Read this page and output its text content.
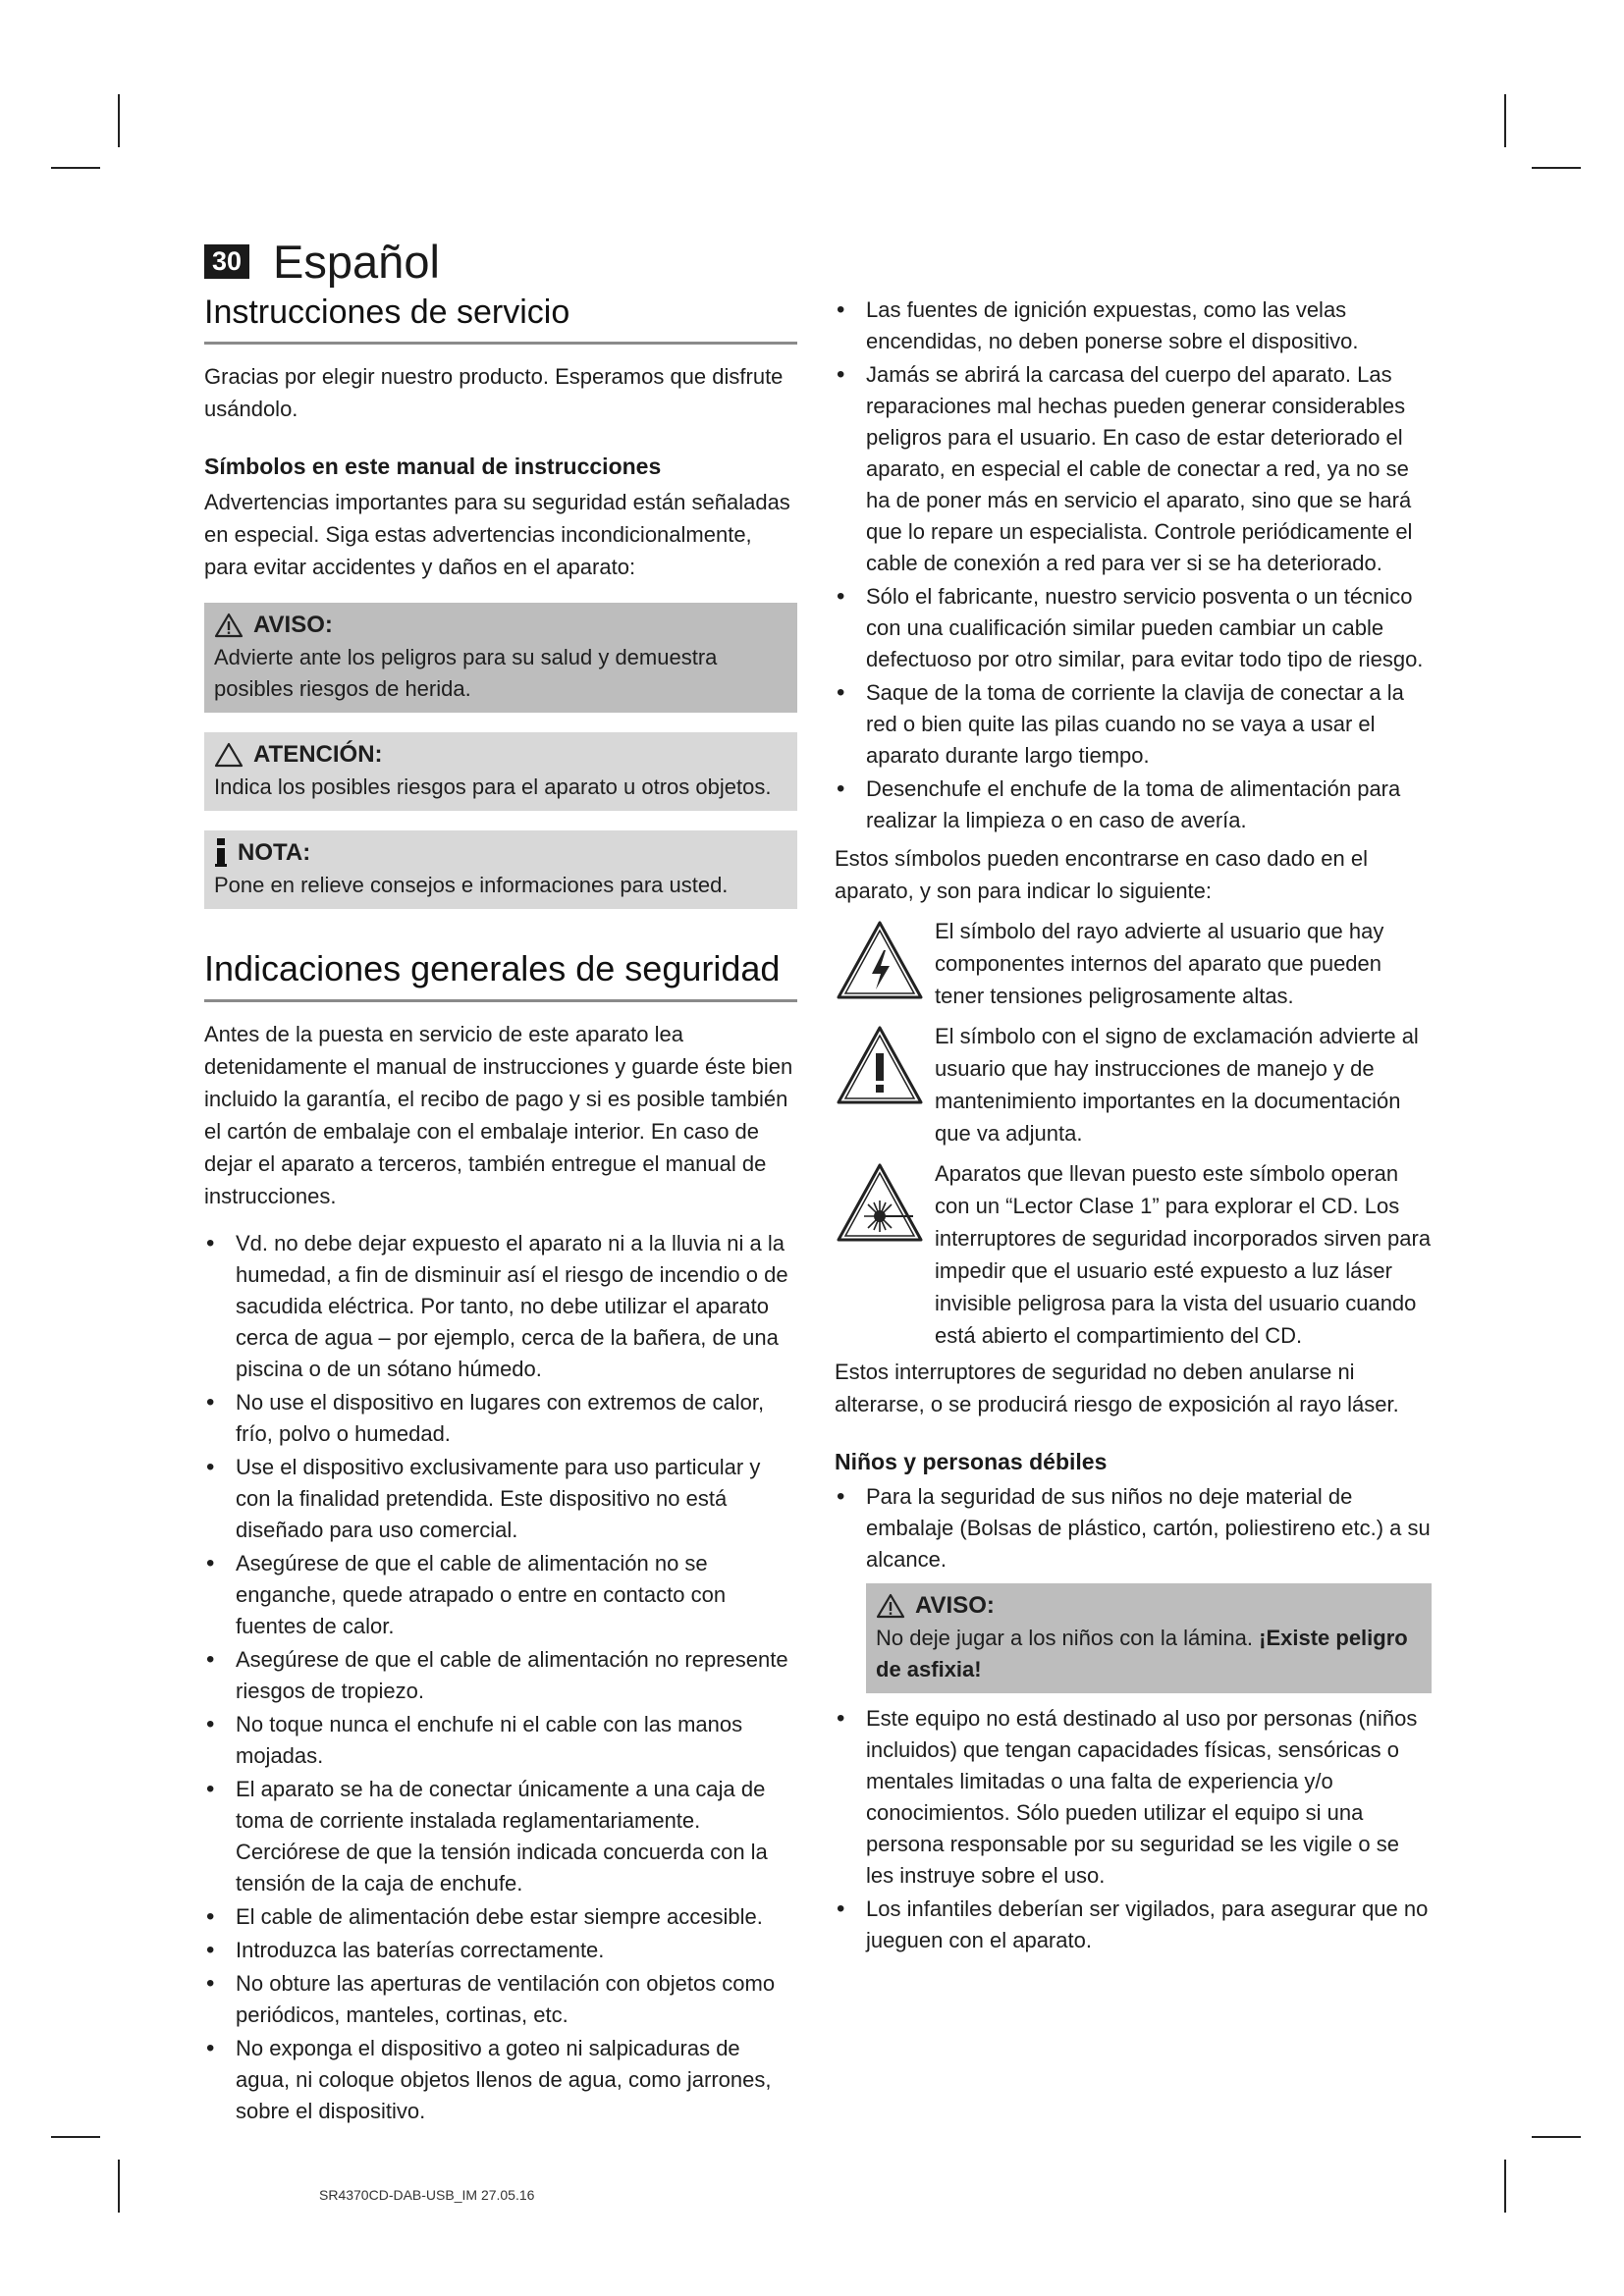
30 Español
Instrucciones de servicio

Gracias por elegir nuestro producto. Esperamos que disfrute usándolo.

Símbolos en este manual de instrucciones

Advertencias importantes para su seguridad están señaladas en especial. Siga estas advertencias incondicionalmente, para evitar accidentes y daños en el aparato:

AVISO:

Advierte ante los peligros para su salud y demuestra posibles riesgos de herida.

ATENCIÓN:

Indica los posibles riesgos para el aparato u otros objetos.

NOTA:

Pone en relieve consejos e informaciones para usted.

Indicaciones generales de seguridad

Antes de la puesta en servicio de este aparato lea detenidamente el manual de instrucciones y guarde éste bien incluido la garantía, el recibo de pago y si es posible también el cartón de embalaje con el embalaje interior. En caso de dejar el aparato a terceros, también entregue el manual de instrucciones.

• Vd. no debe dejar expuesto el aparato ni a la lluvia ni a la humedad, a fin de disminuir así el riesgo de incendio o de sacudida eléctrica. Por tanto, no debe utilizar el aparato cerca de agua – por ejemplo, cerca de la bañera, de una piscina o de un sótano húmedo.
• No use el dispositivo en lugares con extremos de calor, frío, polvo o humedad.
• Use el dispositivo exclusivamente para uso particular y con la finalidad pretendida. Este dispositivo no está diseñado para uso comercial.
• Asegúrese de que el cable de alimentación no se enganche, quede atrapado o entre en contacto con fuentes de calor.
• Asegúrese de que el cable de alimentación no represente riesgos de tropiezo.
• No toque nunca el enchufe ni el cable con las manos mojadas.
• El aparato se ha de conectar únicamente a una caja de toma de corriente instalada reglamentariamente. Cerciórese de que la tensión indicada concuerda con la tensión de la caja de enchufe.
• El cable de alimentación debe estar siempre accesible.
• Introduzca las baterías correctamente.
• No obture las aperturas de ventilación con objetos como periódicos, manteles, cortinas, etc.
• No exponga el dispositivo a goteo ni salpicaduras de agua, ni coloque objetos llenos de agua, como jarrones, sobre el dispositivo.
• Las fuentes de ignición expuestas, como las velas encendidas, no deben ponerse sobre el dispositivo.
• Jamás se abrirá la carcasa del cuerpo del aparato. Las reparaciones mal hechas pueden generar considerables peligros para el usuario. En caso de estar deteriorado el aparato, en especial el cable de conectar a red, ya no se ha de poner más en servicio el aparato, sino que se hará que lo repare un especialista. Controle periódicamente el cable de conexión a red para ver si se ha deteriorado.
• Sólo el fabricante, nuestro servicio posventa o un técnico con una cualificación similar pueden cambiar un cable defectuoso por otro similar, para evitar todo tipo de riesgo.
• Saque de la toma de corriente la clavija de conectar a la red o bien quite las pilas cuando no se vaya a usar el aparato durante largo tiempo.
• Desenchufe el enchufe de la toma de alimentación para realizar la limpieza o en caso de avería.

Estos símbolos pueden encontrarse en caso dado en el aparato, y son para indicar lo siguiente:

El símbolo del rayo advierte al usuario que hay componentes internos del aparato que pueden tener tensiones peligrosamente altas.

El símbolo con el signo de exclamación advierte al usuario que hay instrucciones de manejo y de mantenimiento importantes en la documentación que va adjunta.

Aparatos que llevan puesto este símbolo operan con un “Lector Clase 1” para explorar el CD. Los interruptores de seguridad incorporados sirven para impedir que el usuario esté expuesto a luz láser invisible peligrosa para la vista del usuario cuando está abierto el compartimiento del CD.

Estos interruptores de seguridad no deben anularse ni alterarse, o se producirá riesgo de exposición al rayo láser.

Niños y personas débiles
• Para la seguridad de sus niños no deje material de embalaje (Bolsas de plástico, cartón, poliestireno etc.) a su alcance.
AVISO:

No deje jugar a los niños con la lámina. ¡Existe peligro de asfixia!

• Este equipo no está destinado al uso por personas (niños incluidos) que tengan capacidades físicas, sensóricas o mentales limitadas o una falta de experiencia y/o conocimientos. Sólo pueden utilizar el equipo si una persona responsable por su seguridad se les vigile o se les instruye sobre el uso.
• Los infantiles deberían ser vigilados, para asegurar que no jueguen con el aparato.
SR4370CD-DAB-USB_IM 27.05.16
